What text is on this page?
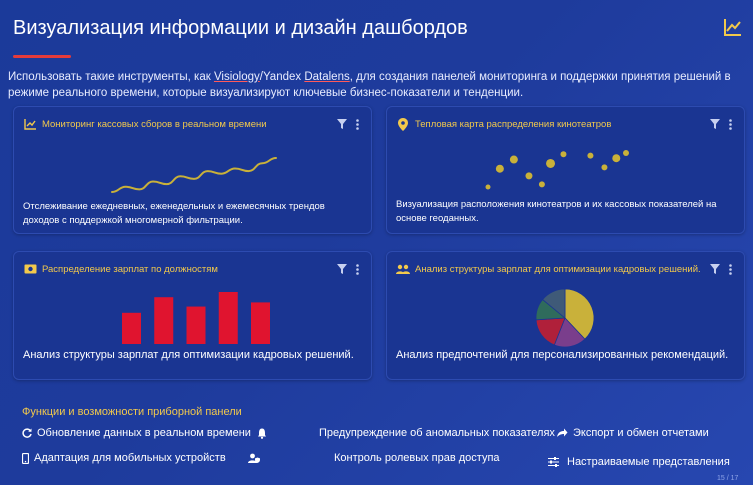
Визуализация информации и дизайн дашбордов
Использовать такие инструменты, как Visiology/Yandex Datalens, для создания панелей мониторинга и поддержки принятия решений в режиме реального времени, которые визуализируют ключевые бизнес-показатели и тенденции.
Мониторинг кассовых сборов в реальном времени
Отслеживание ежедневных, еженедельных и ежемесячных трендов доходов с поддержкой многомерной фильтрации.
Тепловая карта распределения кинотеатров
Визуализация расположения кинотеатров и их кассовых показателей на основе геоданных.
Распределение зарплат по должностям
Анализ структуры зарплат для оптимизации кадровых решений.
Анализ структуры зарплат для оптимизации кадровых решений.
Анализ предпочтений для персонализированных рекомендаций.
Функции и возможности приборной панели
Обновление данных в реальном времени	Предупреждение об аномальных показателях Экспорт и обмен отчетами
Адаптация для мобильных устройств	Контроль ролевых прав доступа	Настраиваемые представления
15 / 17
